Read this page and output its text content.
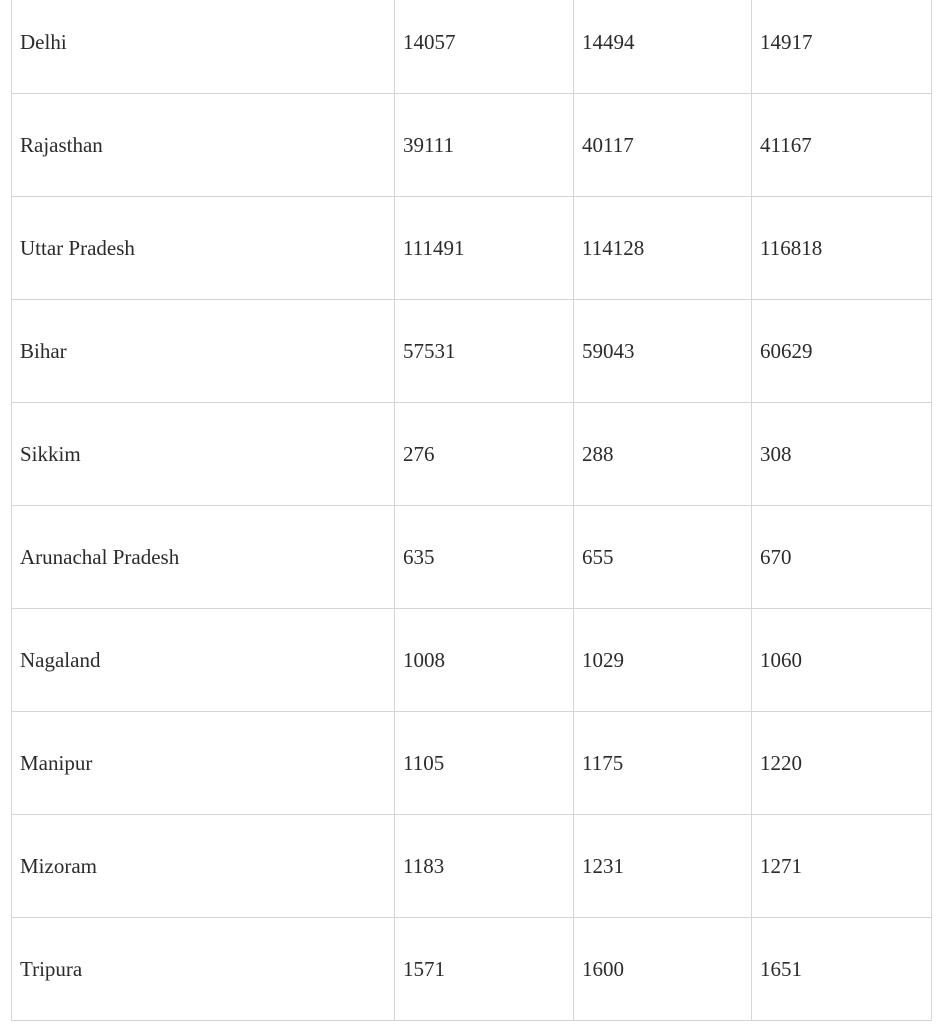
Delhi	14057	14494	14917
Rajasthan	39111	40117	41167
Uttar Pradesh	111491	114128	116818
Bihar	57531	59043	60629
Sikkim	276	288	308
Arunachal Pradesh	635	655	670
Nagaland	1008	1029	1060
Manipur	1105	1175	1220
Mizoram	1183	1231	1271
Tripura	1571	1600	1651
